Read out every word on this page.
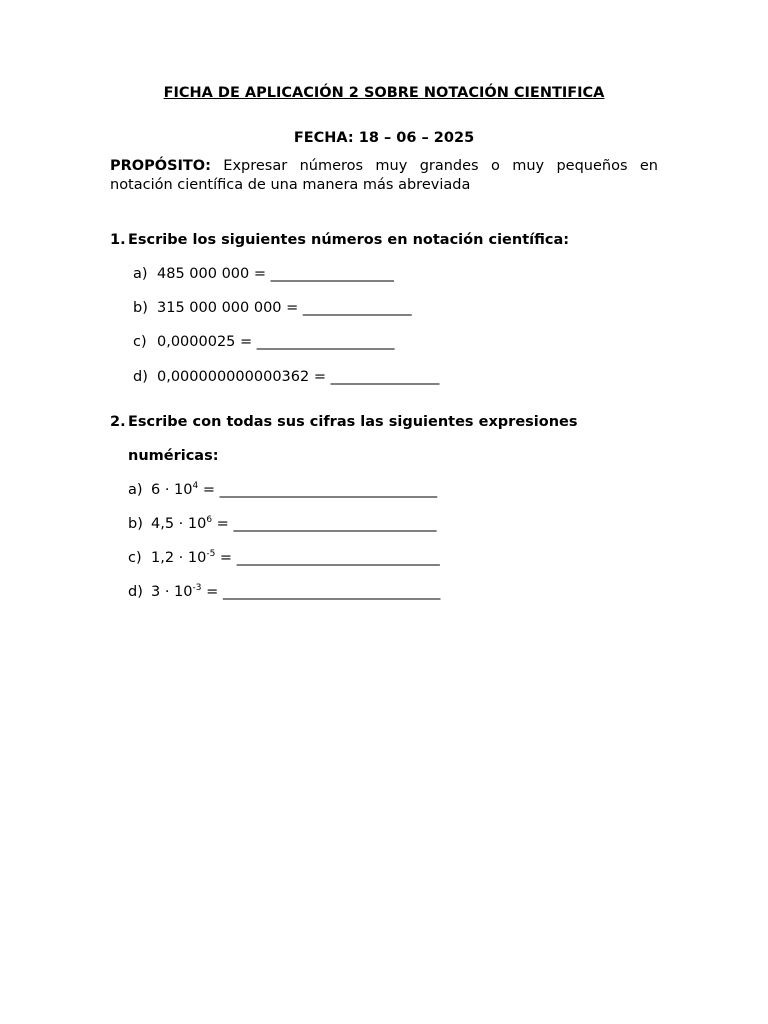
FICHA DE APLICACIÓN 2 SOBRE NOTACIÓN CIENTIFICA
FECHA: 18 – 06 – 2025
PROPÓSITO: Expresar números muy grandes o muy pequeños en notación científica de una manera más abreviada
1. Escribe los siguientes números en notación científica:
a) 485 000 000 = _________________
b) 315 000 000 000 = _______________
c) 0,0000025 = ___________________
d) 0,000000000000362 = _______________
2. Escribe con todas sus cifras las siguientes expresiones
numéricas:
a) $6 \cdot 10^4$ = ______________________________
b) $4,5 \cdot 10^6$ = ____________________________
c) $1,2 \cdot 10^{-5}$ = ____________________________
d) $3 \cdot 10^{-3}$ = ______________________________
